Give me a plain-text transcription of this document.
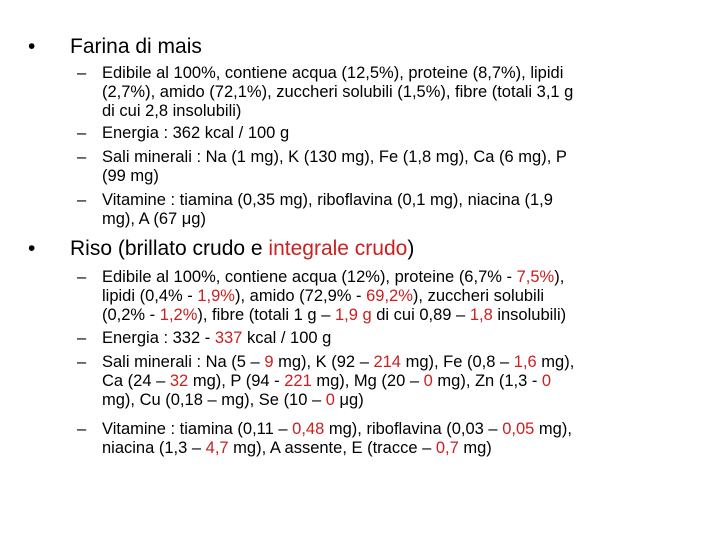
• Farina di mais
– Edibile al 100%, contiene acqua (12,5%), proteine (8,7%), lipidi
(2,7%), amido (72,1%), zuccheri solubili (1,5%), fibre (totali 3,1 g
di cui 2,8 insolubili)
– Energia : 362 kcal / 100 g
– Sali minerali : Na (1 mg), K (130 mg), Fe (1,8 mg), Ca (6 mg), P
(99 mg)
– Vitamine : tiamina (0,35 mg), riboflavina (0,1 mg), niacina (1,9
mg), A (67 μg)
• Riso (brillato crudo e integrale crudo)
– Edibile al 100%, contiene acqua (12%), proteine (6,7% - 7,5%),
lipidi (0,4% - 1,9%), amido (72,9% - 69,2%), zuccheri solubili
(0,2% - 1,2%), fibre (totali 1 g – 1,9 g di cui 0,89 – 1,8 insolubili)
– Energia : 332 - 337 kcal / 100 g
– Sali minerali : Na (5 – 9 mg), K (92 – 214 mg), Fe (0,8 – 1,6 mg),
Ca (24 – 32 mg), P (94 - 221 mg), Mg (20 – 0 mg), Zn (1,3 - 0
mg), Cu (0,18 – mg), Se (10 – 0 μg)
– Vitamine : tiamina (0,11 – 0,48 mg), riboflavina (0,03 – 0,05 mg),
niacina (1,3 – 4,7 mg), A assente, E (tracce – 0,7 mg)
